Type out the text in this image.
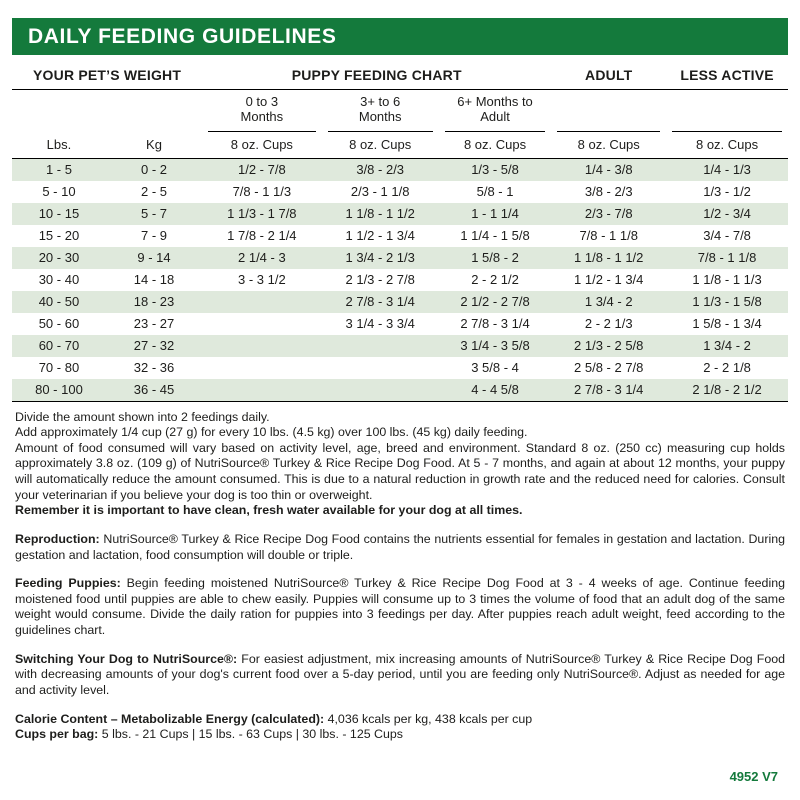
DAILY FEEDING GUIDELINES
YOUR PET’S WEIGHT		PUPPY FEEDING CHART			ADULT	LESS ACTIVE

		0 to 3 Months	3+ to 6 Months	6+ Months to Adult		

Lbs.	Kg	8 oz. Cups	8 oz. Cups	8 oz. Cups	8 oz. Cups	8 oz. Cups
1 - 5	0 - 2	1/2 - 7/8	3/8 - 2/3	1/3 - 5/8	1/4 - 3/8	1/4 - 1/3
5 - 10	2 - 5	7/8 - 1 1/3	2/3 - 1 1/8	5/8 - 1	3/8 - 2/3	1/3 - 1/2
10 - 15	5 - 7	1 1/3 - 1 7/8	1 1/8 - 1 1/2	1 - 1 1/4	2/3 - 7/8	1/2 - 3/4
15 - 20	7 - 9	1 7/8 - 2 1/4	1 1/2 - 1 3/4	1 1/4 - 1 5/8	7/8 - 1 1/8	3/4 - 7/8
20 - 30	9 - 14	2 1/4 - 3	1 3/4 - 2 1/3	1 5/8 - 2	1 1/8 - 1 1/2	7/8 - 1 1/8
30 - 40	14 - 18	3 - 3 1/2	2 1/3 - 2 7/8	2 - 2 1/2	1 1/2 - 1 3/4	1 1/8 - 1 1/3
40 - 50	18 - 23		2 7/8 - 3 1/4	2 1/2 - 2 7/8	1 3/4 - 2	1 1/3 - 1 5/8
50 - 60	23 - 27		3 1/4 - 3 3/4	2 7/8 - 3 1/4	2 - 2 1/3	1 5/8 - 1 3/4
60 - 70	27 - 32			3 1/4 - 3 5/8	2 1/3 - 2 5/8	1 3/4 - 2
70 - 80	32 - 36			3 5/8 - 4	2 5/8 - 2 7/8	2 - 2 1/8
80 - 100	36 - 45			4 - 4 5/8	2 7/8 - 3 1/4	2 1/8 - 2 1/2
Divide the amount shown into 2 feedings daily.
Add approximately 1/4 cup (27 g) for every 10 lbs. (4.5 kg) over 100 lbs. (45 kg) daily feeding.
Amount of food consumed will vary based on activity level, age, breed and environment. Standard 8 oz. (250 cc) measuring cup holds approximately 3.8 oz. (109 g) of NutriSource® Turkey & Rice Recipe Dog Food. At 5 - 7 months, and again at about 12 months, your puppy will automatically reduce the amount consumed. This is due to a natural reduction in growth rate and the reduced need for calories. Consult your veterinarian if you believe your dog is too thin or overweight.
Remember it is important to have clean, fresh water available for your dog at all times.
Reproduction: NutriSource® Turkey & Rice Recipe Dog Food contains the nutrients essential for females in gestation and lactation. During gestation and lactation, food consumption will double or triple.
Feeding Puppies: Begin feeding moistened NutriSource® Turkey & Rice Recipe Dog Food at 3 - 4 weeks of age. Continue feeding moistened food until puppies are able to chew easily. Puppies will consume up to 3 times the volume of food that an adult dog of the same weight would consume. Divide the daily ration for puppies into 3 feedings per day. After puppies reach adult weight, feed according to the guidelines chart.
Switching Your Dog to NutriSource®: For easiest adjustment, mix increasing amounts of NutriSource® Turkey & Rice Recipe Dog Food with decreasing amounts of your dog's current food over a 5-day period, until you are feeding only NutriSource®. Adjust as needed for age and activity level.
Calorie Content – Metabolizable Energy (calculated): 4,036 kcals per kg, 438 kcals per cup
Cups per bag: 5 lbs. - 21 Cups | 15 lbs. - 63 Cups | 30 lbs. - 125 Cups
4952 V7
